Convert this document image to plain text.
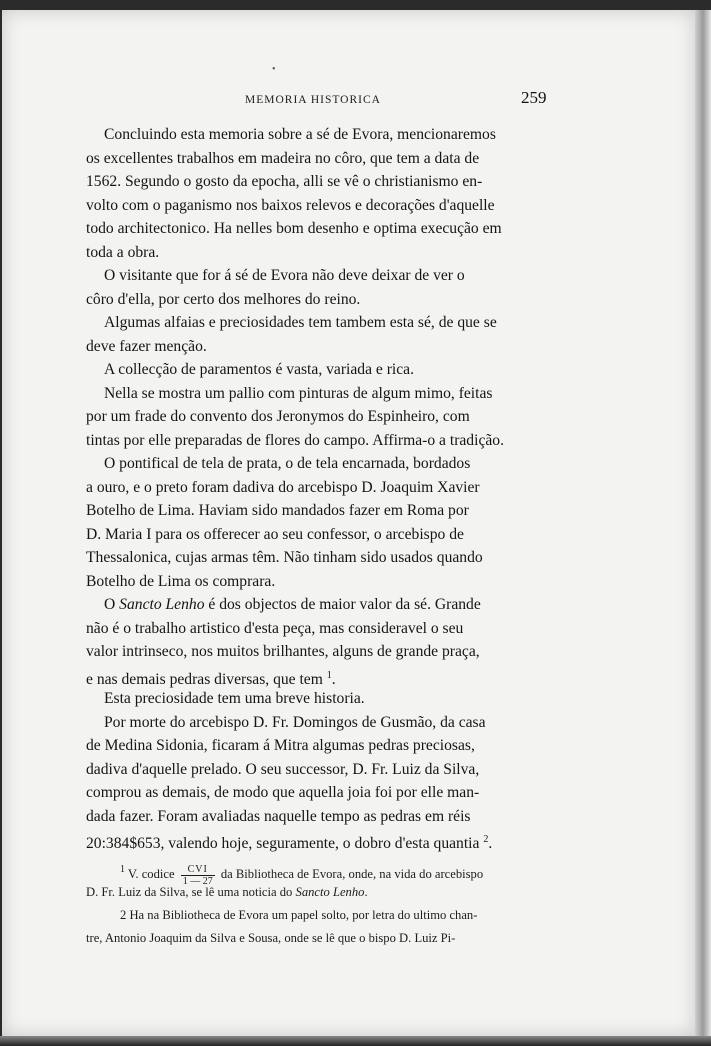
MEMORIA HISTORICA	259
Concluindo esta memoria sobre a sé de Evora, mencionaremos
os excellentes trabalhos em madeira no côro, que tem a data de
1562. Segundo o gosto da epocha, alli se vê o christianismo en-
volto com o paganismo nos baixos relevos e decorações d'aquelle
todo architectonico. Ha nelles bom desenho e optima execução em
toda a obra.
O visitante que for á sé de Evora não deve deixar de ver o
côro d'ella, por certo dos melhores do reino.
Algumas alfaias e preciosidades tem tambem esta sé, de que se
deve fazer menção.
A collecção de paramentos é vasta, variada e rica.
Nella se mostra um pallio com pinturas de algum mimo, feitas
por um frade do convento dos Jeronymos do Espinheiro, com
tintas por elle preparadas de flores do campo. Affirma-o a tradição.
O pontifical de tela de prata, o de tela encarnada, bordados
a ouro, e o preto foram dadiva do arcebispo D. Joaquim Xavier
Botelho de Lima. Haviam sido mandados fazer em Roma por
D. Maria I para os offerecer ao seu confessor, o arcebispo de
Thessalonica, cujas armas têm. Não tinham sido usados quando
Botelho de Lima os comprara.
O Sancto Lenho é dos objectos de maior valor da sé. Grande
não é o trabalho artistico d'esta peça, mas consideravel o seu
valor intrinseco, nos muitos brilhantes, alguns de grande praça,
e nas demais pedras diversas, que tem $^1$.
Esta preciosidade tem uma breve historia.
Por morte do arcebispo D. Fr. Domingos de Gusmão, da casa
de Medina Sidonia, ficaram á Mitra algumas pedras preciosas,
dadiva d'aquelle prelado. O seu successor, D. Fr. Luiz da Silva,
comprou as demais, de modo que aquella joia foi por elle man-
dada fazer. Foram avaliadas naquelle tempo as pedras em réis
20:384$653, valendo hoje, seguramente, o dobro d'esta quantia $^2$.
$^1$ V. codice $\frac{\text{CVI}}{1 — 27}$ da Bibliotheca de Evora, onde, na vida do arcebispo
D. Fr. Luiz da Silva, se lê uma noticia do Sancto Lenho.
2 Ha na Bibliotheca de Evora um papel solto, por letra do ultimo chan-
tre, Antonio Joaquim da Silva e Sousa, onde se lê que o bispo D. Luiz Pi-
•
